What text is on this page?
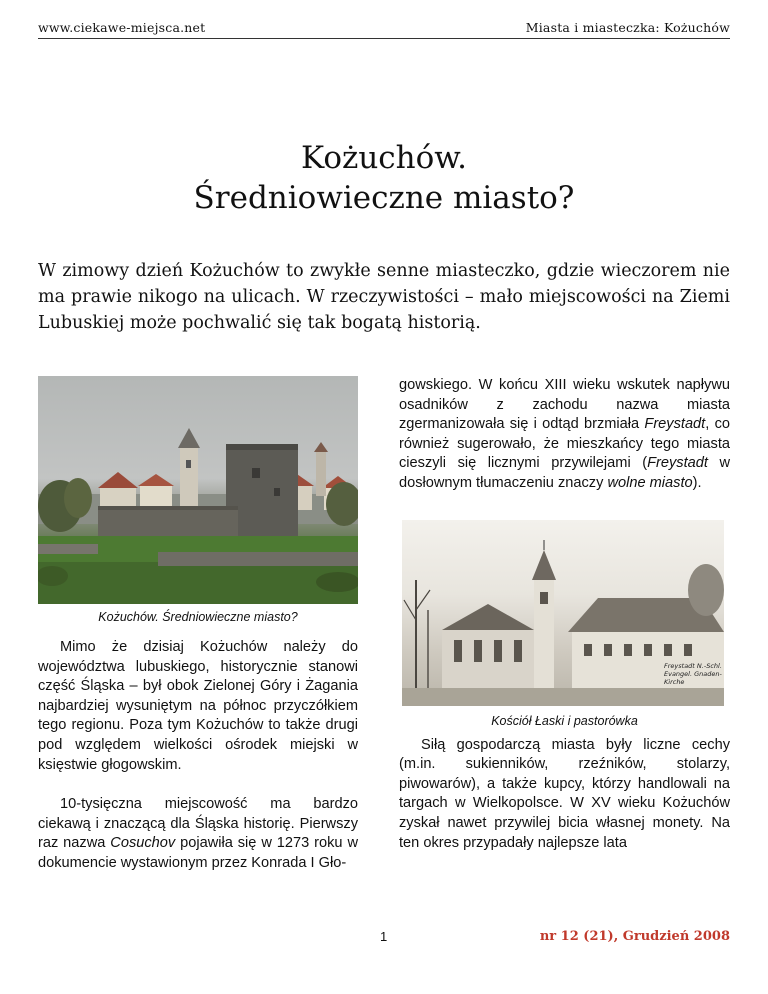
www.ciekawe-miejsca.net	Miasta i miasteczka: Kożuchów
Kożuchów.
Średniowieczne miasto?

W zimowy dzień Kożuchów to zwykłe senne miasteczko, gdzie wieczorem nie ma prawie nikogo na ulicach. W rzeczywistości – mało miejscowości na Ziemi Lubuskiej może pochwalić się tak bogatą historią.

Kożuchów. Średniowieczne miasto?

Mimo że dzisiaj Kożuchów należy do województwa lubuskiego, historycznie stanowi część Śląska – był obok Zielonej Góry i Żagania najbardziej wysuniętym na północ przyczółkiem tego regionu. Poza tym Kożuchów to także drugi pod względem wielkości ośrodek miejski w księstwie głogowskim.

10-tysięczna miejscowość ma bardzo ciekawą i znaczącą dla Śląska historię. Pierwszy raz nazwa Cosuchov pojawiła się w 1273 roku w dokumencie wystawionym przez Konrada I Gło-

gowskiego. W końcu XIII wieku wskutek napływu osadników z zachodu nazwa miasta zgermanizowała się i odtąd brzmiała Freystadt, co również sugerowało, że mieszkańcy tego miasta cieszyli się licznymi przywilejami (Freystadt w dosłownym tłumaczeniu znaczy wolne miasto).

Freystadt N.-Schl. Evangel. Gnaden-Kirche

Kościół Łaski i pastorówka

Siłą gospodarczą miasta były liczne cechy (m.in. sukienników, rzeźników, stolarzy, piwowarów), a także kupcy, którzy handlowali na targach w Wielkopolsce. W XV wieku Kożuchów zyskał nawet przywilej bicia własnej monety. Na ten okres przypadały najlepsze lata

1	nr 12 (21), Grudzień 2008
